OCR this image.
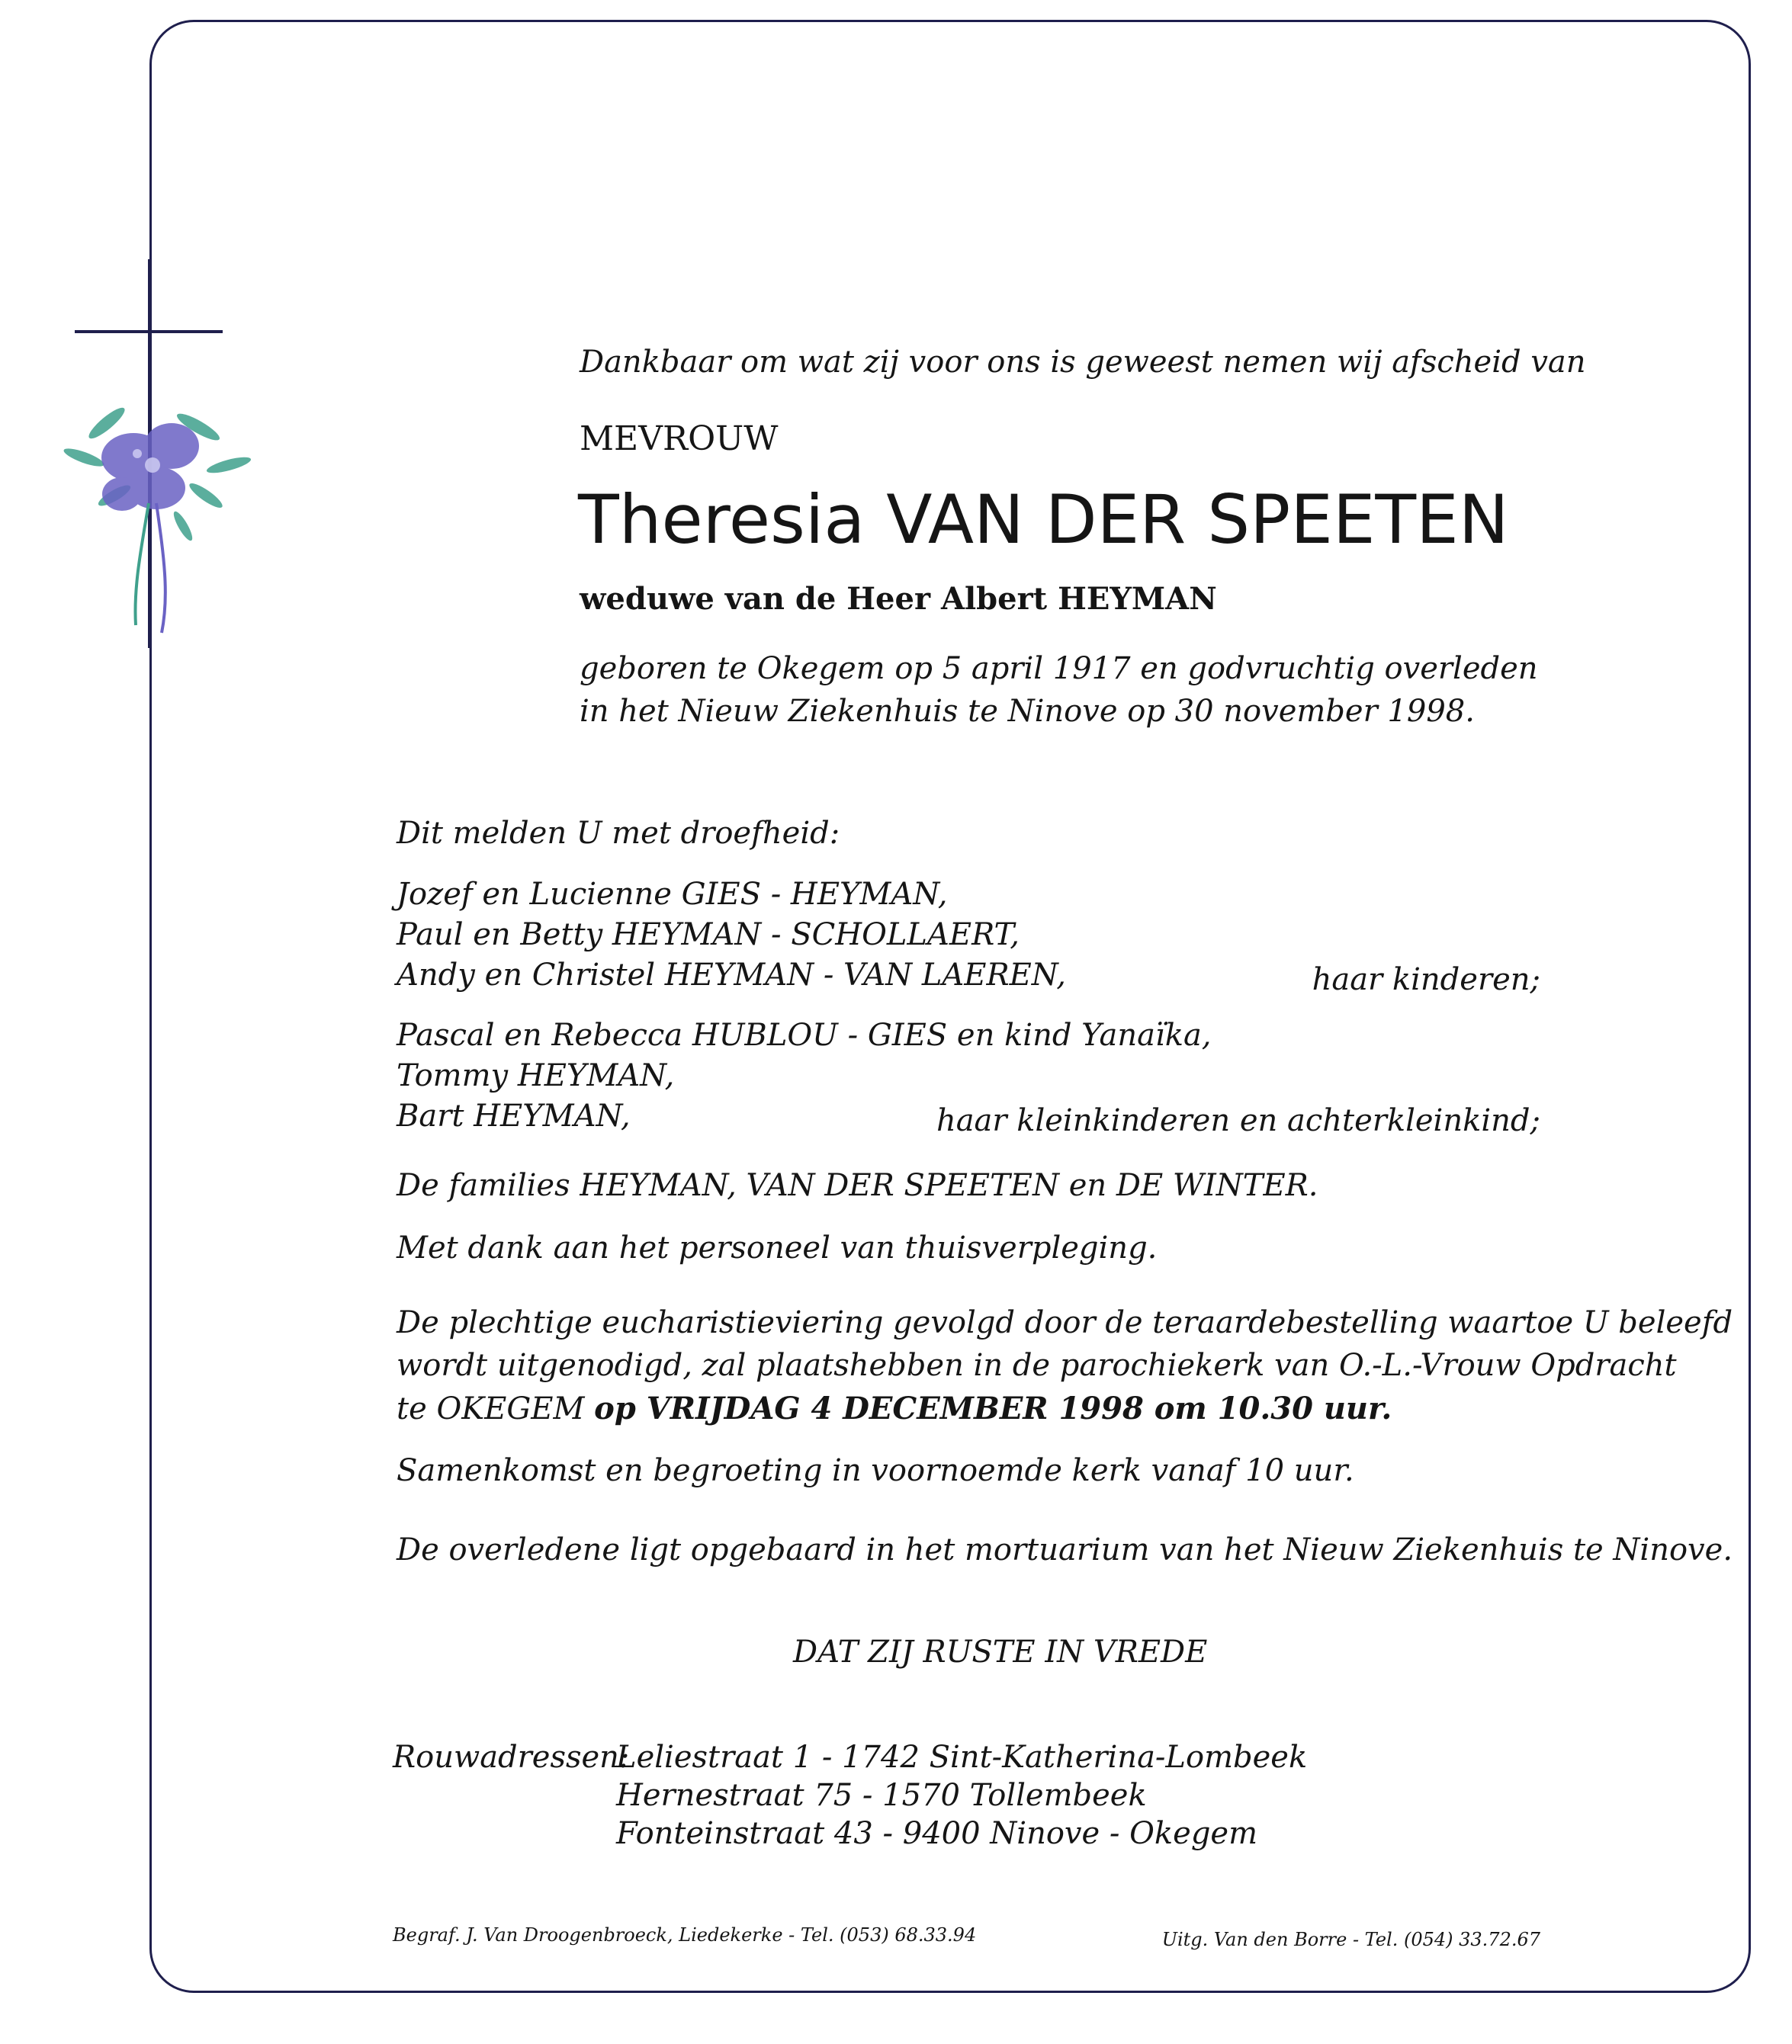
Dankbaar om wat zij voor ons is geweest nemen wij afscheid van

MEVROUW

Theresia VAN DER SPEETEN

weduwe van de Heer Albert HEYMAN

geboren te Okegem op 5 april 1917 en godvruchtig overleden

in het Nieuw Ziekenhuis te Ninove op 30 november 1998.

Dit melden U met droefheid:

Jozef en Lucienne GIES - HEYMAN,

Paul en Betty HEYMAN - SCHOLLAERT,

Andy en Christel HEYMAN - VAN LAEREN,	haar kinderen;

Pascal en Rebecca HUBLOU - GIES en kind Yanaïka,

Tommy HEYMAN,

Bart HEYMAN,	haar kleinkinderen en achterkleinkind;

De families HEYMAN, VAN DER SPEETEN en DE WINTER.

Met dank aan het personeel van thuisverpleging.

De plechtige eucharistieviering gevolgd door de teraardebestelling waartoe U beleefd

wordt uitgenodigd, zal plaatshebben in de parochiekerk van O.-L.-Vrouw Opdracht

te OKEGEM op VRIJDAG 4 DECEMBER 1998 om 10.30 uur.

Samenkomst en begroeting in voornoemde kerk vanaf 10 uur.

De overledene ligt opgebaard in het mortuarium van het Nieuw Ziekenhuis te Ninove.

DAT ZIJ RUSTE IN VREDE

Rouwadressen:

Leliestraat 1 - 1742 Sint-Katherina-Lombeek

Hernestraat 75 - 1570 Tollembeek

Fonteinstraat 43 - 9400 Ninove - Okegem

Begraf. J. Van Droogenbroeck, Liedekerke - Tel. (053) 68.33.94	Uitg. Van den Borre - Tel. (054) 33.72.67
